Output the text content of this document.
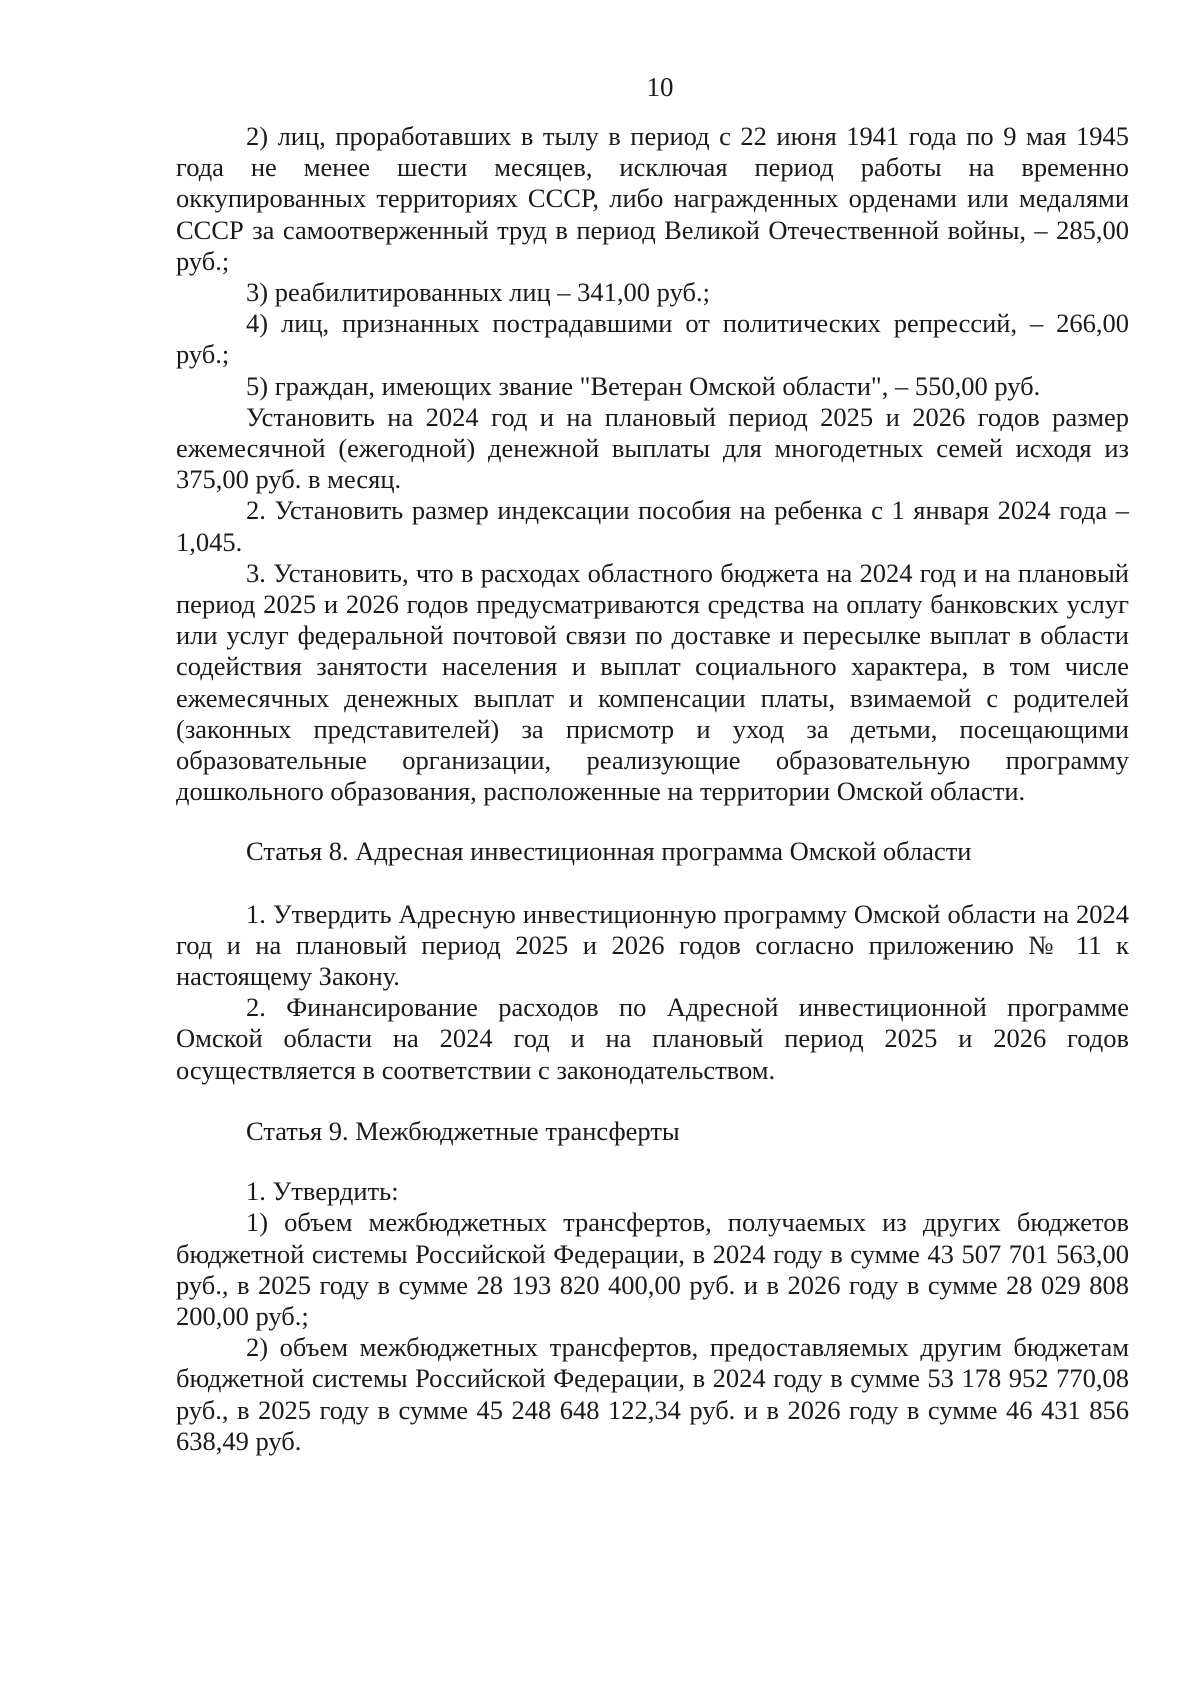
10

2) лиц, проработавших в тылу в период с 22 июня 1941 года по 9 мая 1945 года не менее шести месяцев, исключая период работы на временно оккупированных территориях СССР, либо награжденных орденами или медалями СССР за самоотверженный труд в период Великой Отечественной войны, – 285,00 руб.;

3) реабилитированных лиц – 341,00 руб.;

4) лиц, признанных пострадавшими от политических репрессий, – 266,00 руб.;

5) граждан, имеющих звание "Ветеран Омской области", – 550,00 руб.

Установить на 2024 год и на плановый период 2025 и 2026 годов размер ежемесячной (ежегодной) денежной выплаты для многодетных семей исходя из 375,00 руб. в месяц.

2. Установить размер индексации пособия на ребенка с 1 января 2024 года – 1,045.

3. Установить, что в расходах областного бюджета на 2024 год и на плановый период 2025 и 2026 годов предусматриваются средства на оплату банковских услуг или услуг федеральной почтовой связи по доставке и пересылке выплат в области содействия занятости населения и выплат социального характера, в том числе ежемесячных денежных выплат и компенсации платы, взимаемой с родителей (законных представителей) за присмотр и уход за детьми, посещающими образовательные организации, реализующие образовательную программу дошкольного образования, расположенные на территории Омской области.

Статья 8. Адресная инвестиционная программа Омской области

1. Утвердить Адресную инвестиционную программу Омской области на 2024 год и на плановый период 2025 и 2026 годов согласно приложению № 11 к настоящему Закону.

2. Финансирование расходов по Адресной инвестиционной программе Омской области на 2024 год и на плановый период 2025 и 2026 годов осуществляется в соответствии с законодательством.

Статья 9. Межбюджетные трансферты

1. Утвердить:

1) объем межбюджетных трансфертов, получаемых из других бюджетов бюджетной системы Российской Федерации, в 2024 году в сумме 43 507 701 563,00 руб., в 2025 году в сумме 28 193 820 400,00 руб. и в 2026 году в сумме 28 029 808 200,00 руб.;

2) объем межбюджетных трансфертов, предоставляемых другим бюджетам бюджетной системы Российской Федерации, в 2024 году в сумме 53 178 952 770,08 руб., в 2025 году в сумме 45 248 648 122,34 руб. и в 2026 году в сумме 46 431 856 638,49 руб.
